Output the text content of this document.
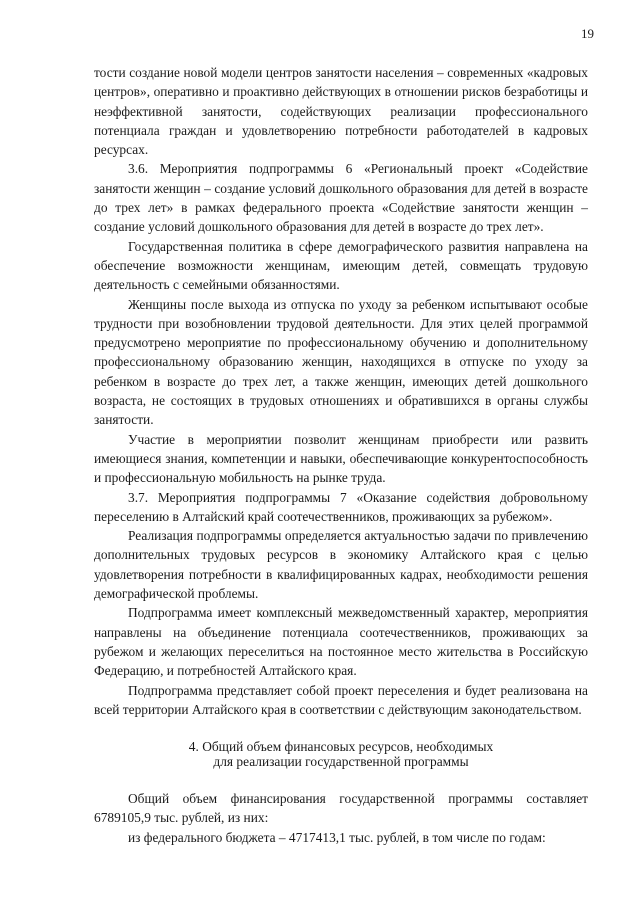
19

тости создание новой модели центров занятости населения – современных «кадровых центров», оперативно и проактивно действующих в отношении рисков безработицы и неэффективной занятости, содействующих реализации профессионального потенциала граждан и удовлетворению потребности работодателей в кадровых ресурсах.

3.6. Мероприятия подпрограммы 6 «Региональный проект «Содействие занятости женщин – создание условий дошкольного образования для детей в возрасте до трех лет» в рамках федерального проекта «Содействие занятости женщин – создание условий дошкольного образования для детей в возрасте до трех лет».

Государственная политика в сфере демографического развития направлена на обеспечение возможности женщинам, имеющим детей, совмещать трудовую деятельность с семейными обязанностями.

Женщины после выхода из отпуска по уходу за ребенком испытывают особые трудности при возобновлении трудовой деятельности. Для этих целей программой предусмотрено мероприятие по профессиональному обучению и дополнительному профессиональному образованию женщин, находящихся в отпуске по уходу за ребенком в возрасте до трех лет, а также женщин, имеющих детей дошкольного возраста, не состоящих в трудовых отношениях и обратившихся в органы службы занятости.

Участие в мероприятии позволит женщинам приобрести или развить имеющиеся знания, компетенции и навыки, обеспечивающие конкурентоспособность и профессиональную мобильность на рынке труда.

3.7. Мероприятия подпрограммы 7 «Оказание содействия добровольному переселению в Алтайский край соотечественников, проживающих за рубежом».

Реализация подпрограммы определяется актуальностью задачи по привлечению дополнительных трудовых ресурсов в экономику Алтайского края с целью удовлетворения потребности в квалифицированных кадрах, необходимости решения демографической проблемы.

Подпрограмма имеет комплексный межведомственный характер, мероприятия направлены на объединение потенциала соотечественников, проживающих за рубежом и желающих переселиться на постоянное место жительства в Российскую Федерацию, и потребностей Алтайского края.

Подпрограмма представляет собой проект переселения и будет реализована на всей территории Алтайского края в соответствии с действующим законодательством.

4. Общий объем финансовых ресурсов, необходимых
для реализации государственной программы

Общий объем финансирования государственной программы составляет 6789105,9 тыс. рублей, из них:

из федерального бюджета – 4717413,1 тыс. рублей, в том числе по годам:
